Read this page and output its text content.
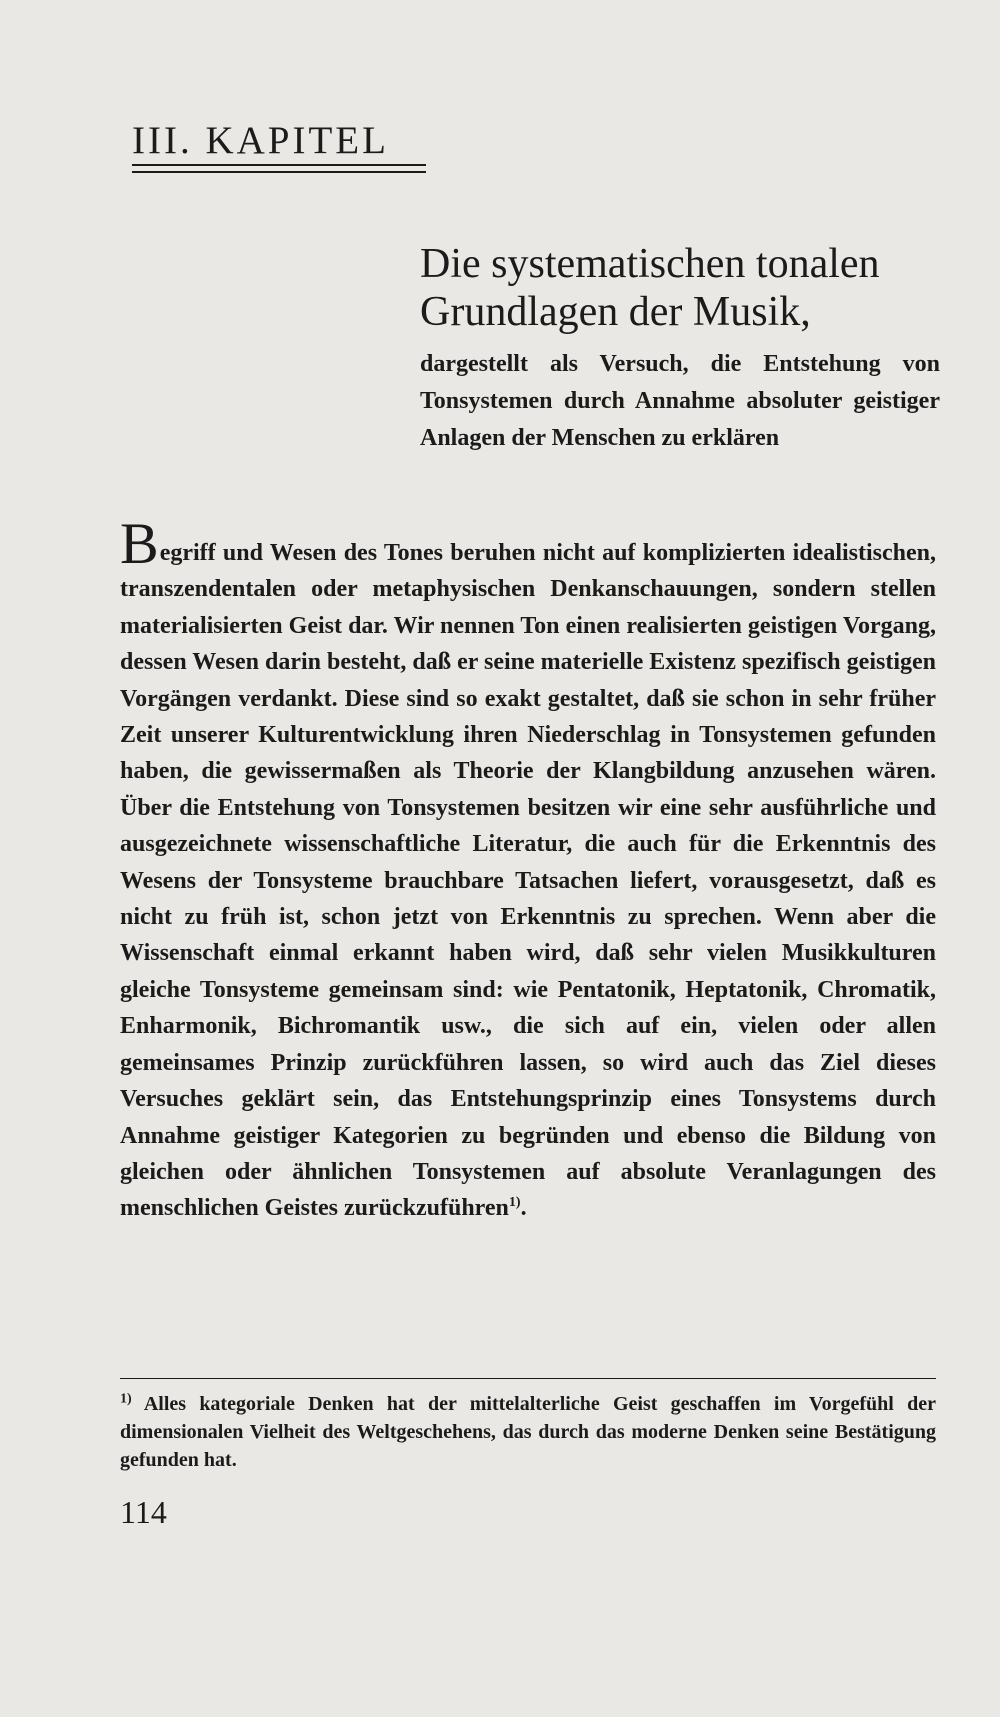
III. KAPITEL
Die systematischen tonalen
Grundlagen der Musik,

dargestellt als Versuch, die Entstehung von Tonsystemen durch Annahme absoluter geistiger Anlagen der Menschen zu erklären

Begriff und Wesen des Tones beruhen nicht auf komplizierten idealistischen, transzendentalen oder metaphysischen Denkanschauungen, sondern stellen materialisierten Geist dar. Wir nennen Ton einen realisierten geistigen Vorgang, dessen Wesen darin besteht, daß er seine materielle Existenz spezifisch geistigen Vorgängen verdankt. Diese sind so exakt gestaltet, daß sie schon in sehr früher Zeit unserer Kulturentwicklung ihren Niederschlag in Tonsystemen gefunden haben, die gewissermaßen als Theorie der Klangbildung anzusehen wären. Über die Entstehung von Tonsystemen besitzen wir eine sehr ausführliche und ausgezeichnete wissenschaftliche Literatur, die auch für die Erkenntnis des Wesens der Tonsysteme brauchbare Tatsachen liefert, vorausgesetzt, daß es nicht zu früh ist, schon jetzt von Erkenntnis zu sprechen. Wenn aber die Wissenschaft einmal erkannt haben wird, daß sehr vielen Musikkulturen gleiche Tonsysteme gemeinsam sind: wie Pentatonik, Heptatonik, Chromatik, Enharmonik, Bichromantik usw., die sich auf ein, vielen oder allen gemeinsames Prinzip zurückführen lassen, so wird auch das Ziel dieses Versuches geklärt sein, das Entstehungsprinzip eines Tonsystems durch Annahme geistiger Kategorien zu begründen und ebenso die Bildung von gleichen oder ähnlichen Tonsystemen auf absolute Veranlagungen des menschlichen Geistes zurückzuführen$^{1)}$.

$^{1)}$ Alles kategoriale Denken hat der mittelalterliche Geist geschaffen im Vorgefühl der dimensionalen Vielheit des Weltgeschehens, das durch das moderne Denken seine Bestätigung gefunden hat.

114
